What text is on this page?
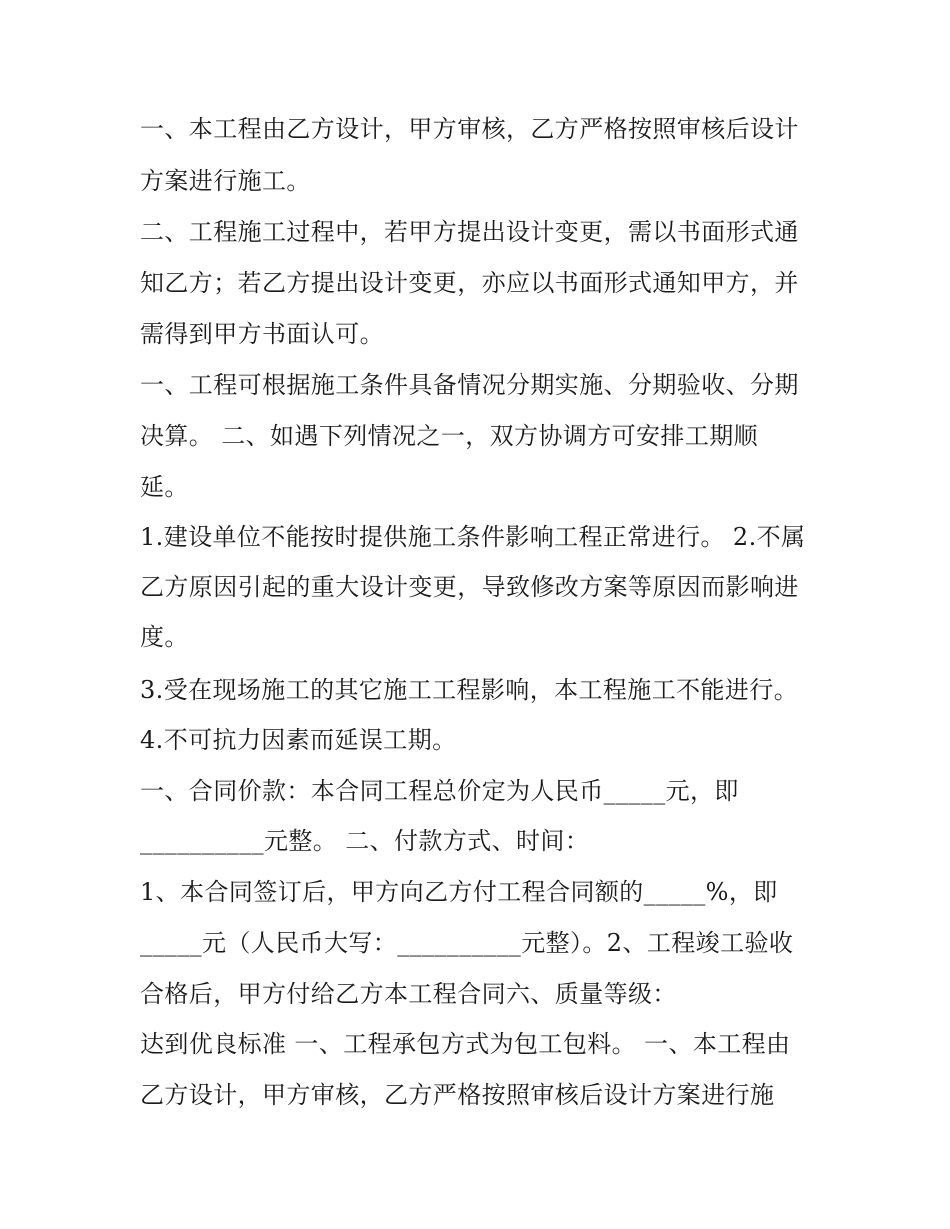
一、本工程由乙方设计，甲方审核，乙方严格按照审核后设计

方案进行施工。

二、工程施工过程中，若甲方提出设计变更，需以书面形式通

知乙方；若乙方提出设计变更，亦应以书面形式通知甲方，并

需得到甲方书面认可。

一、工程可根据施工条件具备情况分期实施、分期验收、分期

决算。 二、如遇下列情况之一，双方协调方可安排工期顺

延。

1.建设单位不能按时提供施工条件影响工程正常进行。 2.不属

乙方原因引起的重大设计变更，导致修改方案等原因而影响进

度。

3.受在现场施工的其它施工工程影响，本工程施工不能进行。

4.不可抗力因素而延误工期。

一、合同价款：本合同工程总价定为人民币_____元，即

__________元整。 二、付款方式、时间：

1、本合同签订后，甲方向乙方付工程合同额的_____%，即

_____元（人民币大写：__________元整）。2、工程竣工验收

合格后，甲方付给乙方本工程合同六、质量等级：

达到优良标准 一、工程承包方式为包工包料。 一、本工程由

乙方设计，甲方审核，乙方严格按照审核后设计方案进行施
